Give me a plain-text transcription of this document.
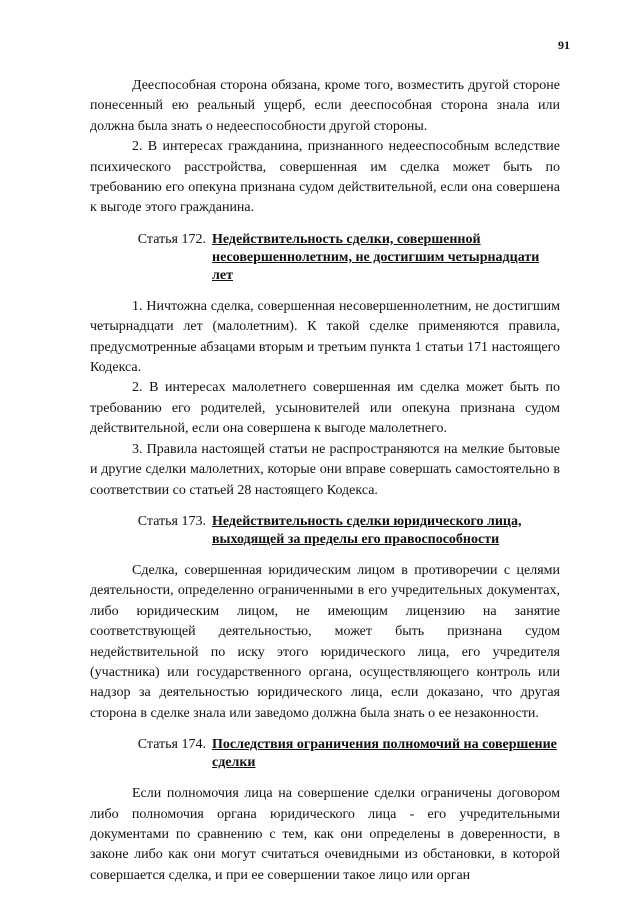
91

Дееспособная сторона обязана, кроме того, возместить другой стороне понесенный ею реальный ущерб, если дееспособная сторона знала или должна была знать о недееспособности другой стороны.

2. В интересах гражданина, признанного недееспособным вследствие психического расстройства, совершенная им сделка может быть по требованию его опекуна признана судом действительной, если она совершена к выгоде этого гражданина.

Статья 172. Недействительность сделки, совершенной
несовершеннолетним, не достигшим четырнадцати лет

1. Ничтожна сделка, совершенная несовершеннолетним, не достигшим четырнадцати лет (малолетним). К такой сделке применяются правила, предусмотренные абзацами вторым и третьим пункта 1 статьи 171 настоящего Кодекса.

2. В интересах малолетнего совершенная им сделка может быть по требованию его родителей, усыновителей или опекуна признана судом действительной, если она совершена к выгоде малолетнего.

3. Правила настоящей статьи не распространяются на мелкие бытовые и другие сделки малолетних, которые они вправе совершать самостоятельно в соответствии со статьей 28 настоящего Кодекса.

Статья 173. Недействительность сделки юридического лица,
выходящей за пределы его правоспособности

Сделка, совершенная юридическим лицом в противоречии с целями деятельности, определенно ограниченными в его учредительных документах, либо юридическим лицом, не имеющим лицензию на занятие соответствующей деятельностью, может быть признана судом недействительной по иску этого юридического лица, его учредителя (участника) или государственного органа, осуществляющего контроль или надзор за деятельностью юридического лица, если доказано, что другая сторона в сделке знала или заведомо должна была знать о ее незаконности.

Статья 174. Последствия ограничения полномочий на совершение
сделки

Если полномочия лица на совершение сделки ограничены договором либо полномочия органа юридического лица - его учредительными документами по сравнению с тем, как они определены в доверенности, в законе либо как они могут считаться очевидными из обстановки, в которой совершается сделка, и при ее совершении такое лицо или орган
